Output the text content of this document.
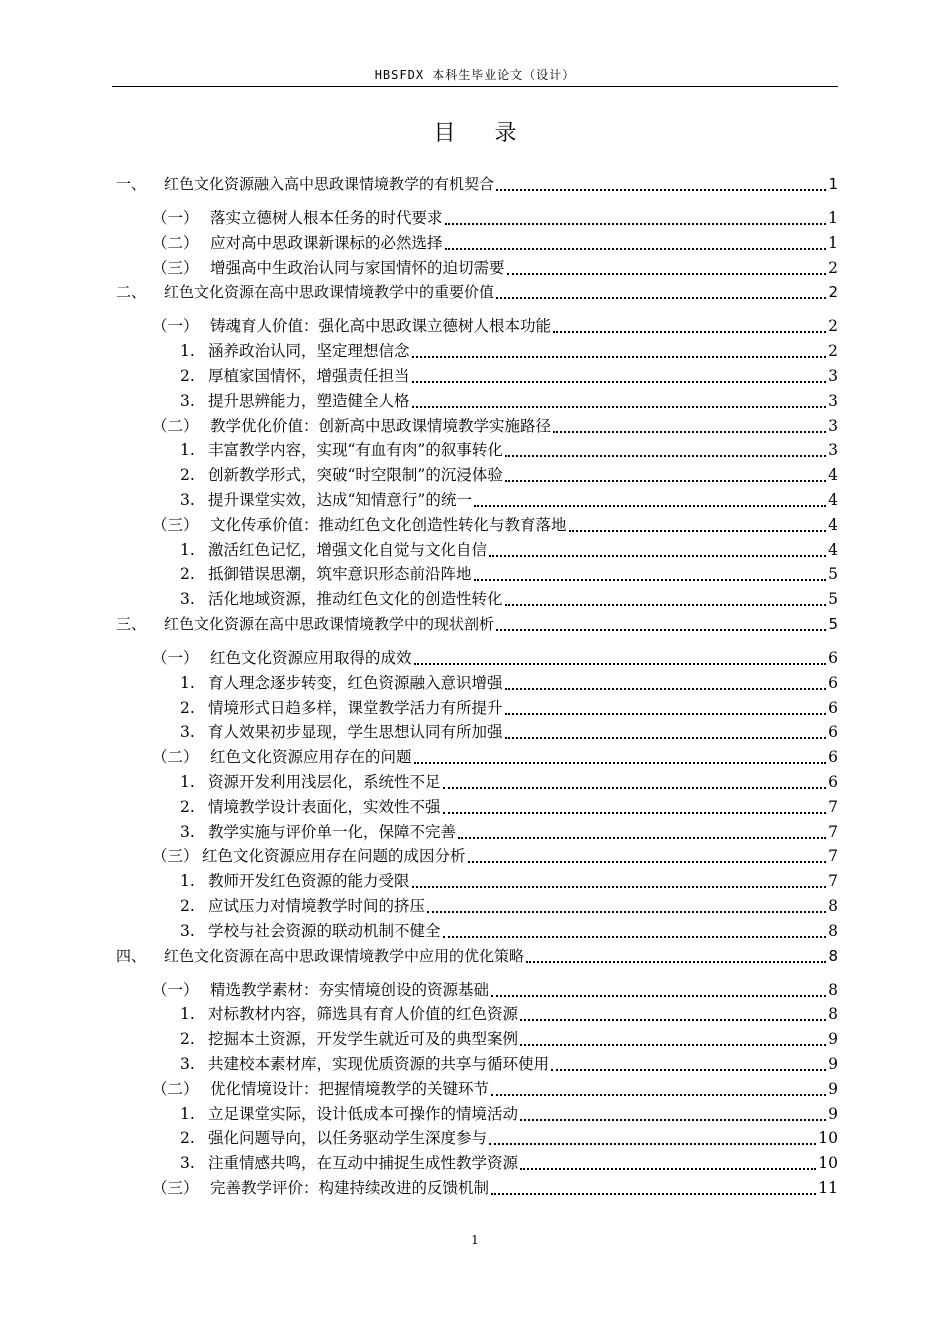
HBSFDX 本科生毕业论文（设计）
目 录
一、	红色文化资源融入高中思政课情境教学的有机契合	1
（一） 落实立德树人根本任务的时代要求	1
（二） 应对高中思政课新课标的必然选择	1
（三） 增强高中生政治认同与家国情怀的迫切需要	2
二、	红色文化资源在高中思政课情境教学中的重要价值	2
（一） 铸魂育人价值：强化高中思政课立德树人根本功能	2
1. 涵养政治认同，坚定理想信念	2
2. 厚植家国情怀，增强责任担当	3
3. 提升思辨能力，塑造健全人格	3
（二） 教学优化价值：创新高中思政课情境教学实施路径	3
1. 丰富教学内容，实现“有血有肉”的叙事转化	3
2. 创新教学形式，突破“时空限制”的沉浸体验	4
3. 提升课堂实效，达成“知情意行”的统一	4
（三） 文化传承价值：推动红色文化创造性转化与教育落地	4
1. 激活红色记忆，增强文化自觉与文化自信	4
2. 抵御错误思潮，筑牢意识形态前沿阵地	5
3. 活化地域资源，推动红色文化的创造性转化	5
三、	红色文化资源在高中思政课情境教学中的现状剖析	5
（一） 红色文化资源应用取得的成效	6
1. 育人理念逐步转变，红色资源融入意识增强	6
2. 情境形式日趋多样，课堂教学活力有所提升	6
3. 育人效果初步显现，学生思想认同有所加强	6
（二） 红色文化资源应用存在的问题	6
1. 资源开发利用浅层化，系统性不足	6
2. 情境教学设计表面化，实效性不强	7
3. 教学实施与评价单一化，保障不完善	7
（三） 红色文化资源应用存在问题的成因分析	7
1. 教师开发红色资源的能力受限	7
2. 应试压力对情境教学时间的挤压	8
3. 学校与社会资源的联动机制不健全	8
四、	红色文化资源在高中思政课情境教学中应用的优化策略	8
（一） 精选教学素材：夯实情境创设的资源基础	8
1. 对标教材内容，筛选具有育人价值的红色资源	8
2. 挖掘本土资源，开发学生就近可及的典型案例	9
3. 共建校本素材库，实现优质资源的共享与循环使用	9
（二） 优化情境设计：把握情境教学的关键环节	9
1. 立足课堂实际，设计低成本可操作的情境活动	9
2. 强化问题导向，以任务驱动学生深度参与	10
3. 注重情感共鸣，在互动中捕捉生成性教学资源	10
（三） 完善教学评价：构建持续改进的反馈机制	11
1
